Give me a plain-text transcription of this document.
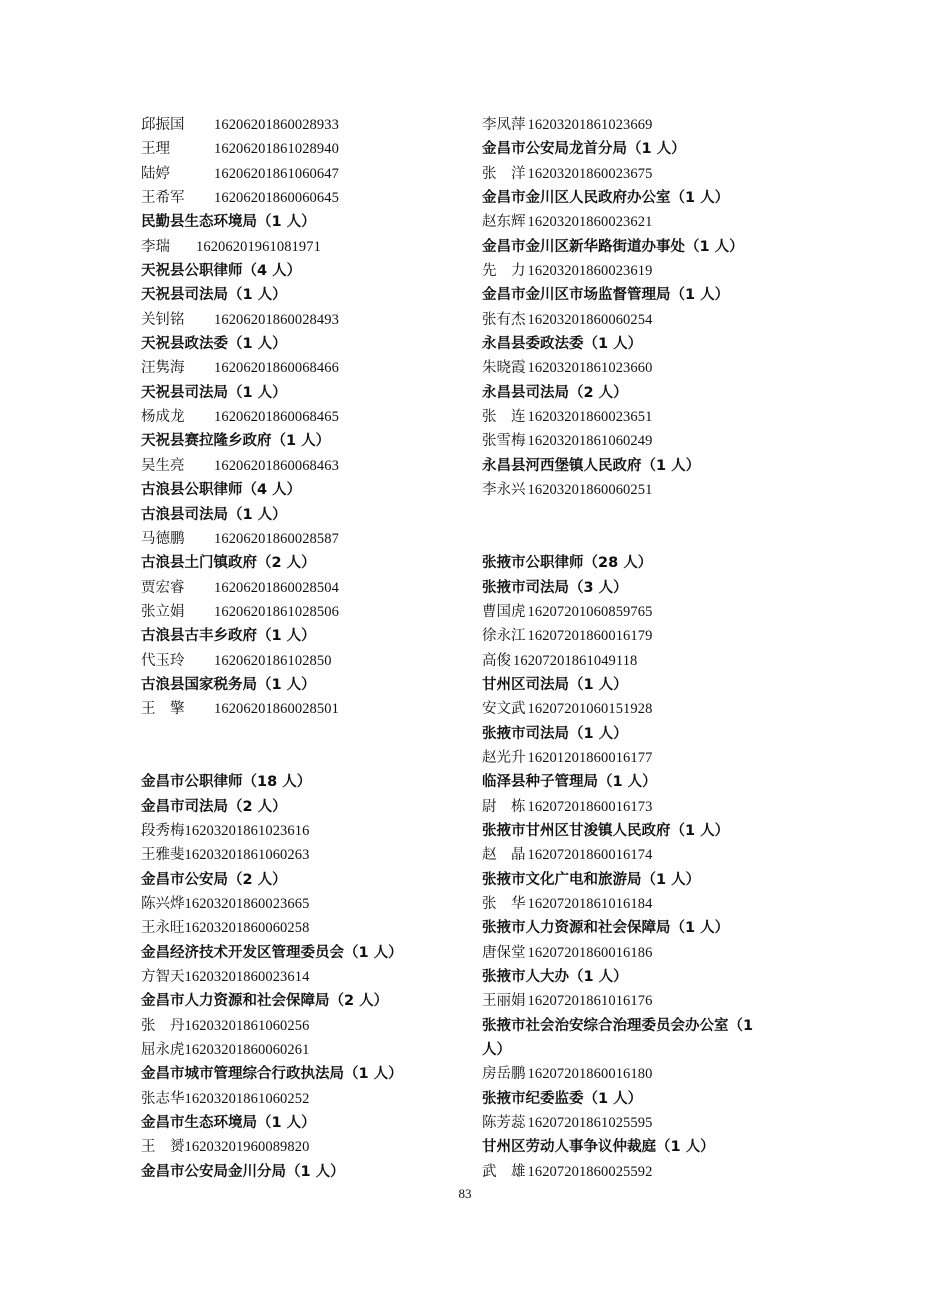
邱振国 16206201860028933
王理	16206201861028940
陆婷	16206201861060647
王希军 16206201860060645
民勤县生态环境局（1 人）
李瑞 16206201961081971
天祝县公职律师（4 人）
天祝县司法局（1 人）
关钊铭 16206201860028493
天祝县政法委（1 人）
汪隽海 16206201860068466
天祝县司法局（1 人）
杨成龙 16206201860068465
天祝县赛拉隆乡政府（1 人）
吴生亮 16206201860068463
古浪县公职律师（4 人）
古浪县司法局（1 人）
马德鹏 16206201860028587
古浪县土门镇政府（2 人）
贾宏睿 16206201860028504
张立娟 16206201861028506
古浪县古丰乡政府（1 人）
代玉玲 1620620186102850
古浪县国家税务局（1 人）
王　擎 16206201860028501
金昌市公职律师（18 人）
金昌市司法局（2 人）
段秀梅16203201861023616
王雅斐16203201861060263
金昌市公安局（2 人）
陈兴烨16203201860023665
王永旺16203201860060258
金昌经济技术开发区管理委员会（1 人）
方智天16203201860023614
金昌市人力资源和社会保障局（2 人）
张　丹16203201861060256
屈永虎16203201860060261
金昌市城市管理综合行政执法局（1 人）
张志华16203201861060252
金昌市生态环境局（1 人）
王　赟16203201960089820
金昌市公安局金川分局（1 人）
李凤萍 16203201861023669
金昌市公安局龙首分局（1 人）
张　洋 16203201860023675
金昌市金川区人民政府办公室（1 人）
赵东辉 16203201860023621
金昌市金川区新华路街道办事处（1 人）
先　力 16203201860023619
金昌市金川区市场监督管理局（1 人）
张有杰 16203201860060254
永昌县委政法委（1 人）
朱晓霞 16203201861023660
永昌县司法局（2 人）
张　连 16203201860023651
张雪梅 16203201861060249
永昌县河西堡镇人民政府（1 人）
李永兴 16203201860060251
张掖市公职律师（28 人）
张掖市司法局（3 人）
曹国虎 16207201060859765
徐永江 16207201860016179
高俊 16207201861049118
甘州区司法局（1 人）
安文武 16207201060151928
张掖市司法局（1 人）
赵光升 16201201860016177
临泽县种子管理局（1 人）
尉　栋 16207201860016173
张掖市甘州区甘浚镇人民政府（1 人）
赵　晶 16207201860016174
张掖市文化广电和旅游局（1 人）
张　华 16207201861016184
张掖市人力资源和社会保障局（1 人）
唐保堂 16207201860016186
张掖市人大办（1 人）
王丽娟 16207201861016176
张掖市社会治安综合治理委员会办公室（1
人）
房岳鹏 16207201860016180
张掖市纪委监委（1 人）
陈芳蕊 16207201861025595
甘州区劳动人事争议仲裁庭（1 人）
武　雄 16207201860025592
83
